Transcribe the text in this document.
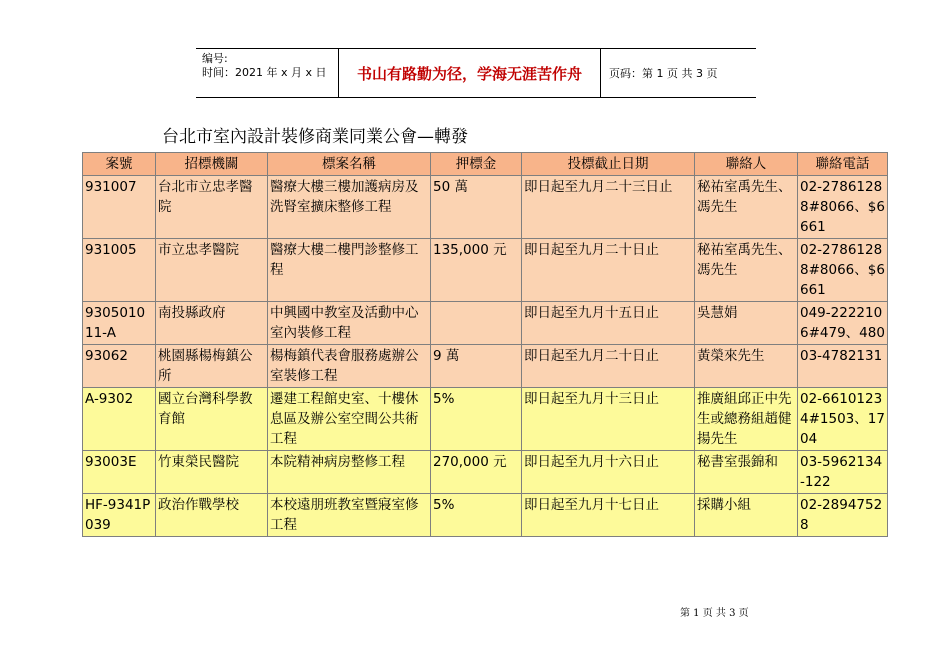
编号:
时间：2021 年 x 月 x 日	书山有路勤为径，学海无涯苦作舟	页码：第 1 页 共 3 页
台北市室內設計裝修商業同業公會—轉發
案號	招標機關	標案名稱	押標金	投標截止日期	聯絡人	聯絡電話
931007	台北市立忠孝醫院	醫療大樓三樓加護病房及洗腎室擴床整修工程	50 萬	即日起至九月二十三日止	秘祐室禹先生、馮先生	02-27861288#8066、$6661
931005	市立忠孝醫院	醫療大樓二樓門診整修工程	135,000 元	即日起至九月二十日止	秘祐室禹先生、馮先生	02-27861288#8066、$6661
930501011-A	南投縣政府	中興國中教室及活動中心室內裝修工程		即日起至九月十五日止	吳慧娟	049-2222106#479、480
93062	桃園縣楊梅鎮公所	楊梅鎮代表會服務處辦公室裝修工程	9 萬	即日起至九月二十日止	黃榮來先生	03-4782131
A-9302	國立台灣科學教育館	遷建工程館史室、十樓休息區及辦公室空間公共術工程	5%	即日起至九月十三日止	推廣組邱正中先生或總務組趙健揚先生	02-66101234#1503、1704
93003E	竹東榮民醫院	本院精神病房整修工程	270,000 元	即日起至九月十六日止	秘書室張錦和	03-5962134-122
HF-9341P039	政治作戰學校	本校遠朋班教室暨寢室修工程	5%	即日起至九月十七日止	採購小組	02-28947528
第 1 页 共 3 页
